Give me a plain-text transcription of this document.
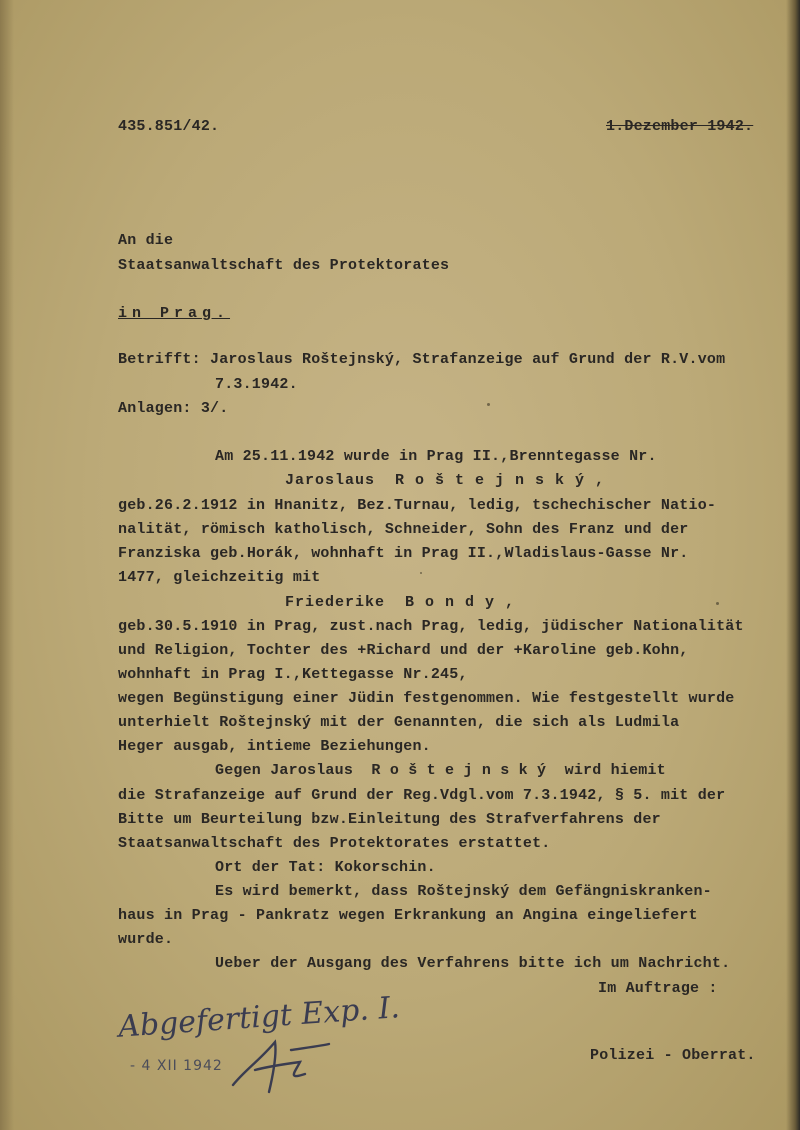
435.851/42.	1.Dezember 1942.
An die
Staatsanwaltschaft des Protektorates
in Prag.
Betrifft: Jaroslaus Roštejnský, Strafanzeige auf Grund der R.V.vom
7.3.1942.
Anlagen: 3/.
Am 25.11.1942 wurde in Prag II.,Brenntegasse Nr.
Jaroslaus  R o š t e j n s k ý ,
geb.26.2.1912 in Hnanitz, Bez.Turnau, ledig, tschechischer Natio-
nalität, römisch katholisch, Schneider, Sohn des Franz und der
Franziska geb.Horák, wohnhaft in Prag II.,Wladislaus-Gasse Nr.
1477, gleichzeitig mit
Friederike  B o n d y ,
geb.30.5.1910 in Prag, zust.nach Prag, ledig, jüdischer Nationalität
und Religion, Tochter des +Richard und der +Karoline geb.Kohn,
wohnhaft in Prag I.,Kettegasse Nr.245,
wegen Begünstigung einer Jüdin festgenommen. Wie festgestellt wurde
unterhielt Roštejnský mit der Genannten, die sich als Ludmila
Heger ausgab, intieme Beziehungen.
Gegen Jaroslaus  R o š t e j n s k ý  wird hiemit
die Strafanzeige auf Grund der Reg.Vdgl.vom 7.3.1942, § 5. mit der
Bitte um Beurteilung bzw.Einleitung des Strafverfahrens der
Staatsanwaltschaft des Protektorates erstattet.
Ort der Tat: Kokorschin.
Es wird bemerkt, dass Roštejnský dem Gefängniskranken-
haus in Prag - Pankratz wegen Erkrankung an Angina eingeliefert
wurde.
Ueber der Ausgang des Verfahrens bitte ich um Nachricht.
Im Auftrage :
Polizei - Oberrat.
Abgefertigt Exp. I.
- 4 XII 1942
